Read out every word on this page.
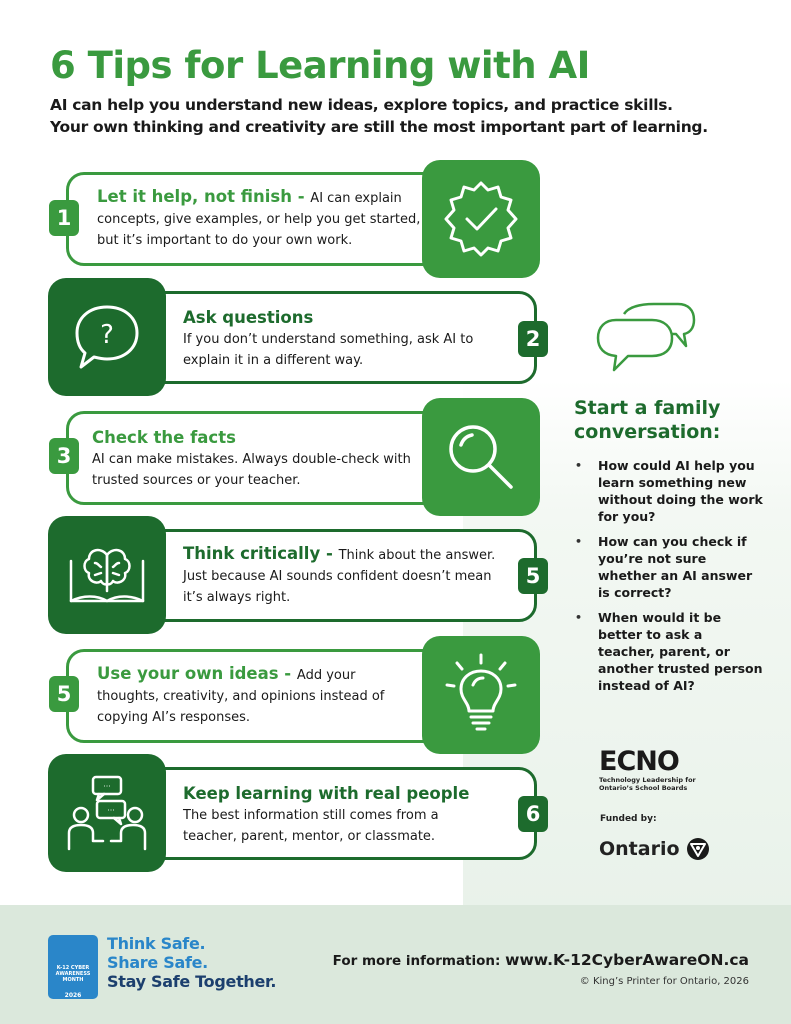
6 Tips for Learning with AI
AI can help you understand new ideas, explore topics, and practice skills.
Your own thinking and creativity are still the most important part of learning.
1
Let it help, not finish - AI can explain concepts, give examples, or help you get started, but it’s important to do your own work.
?	2
Ask questions
If you don’t understand something, ask AI to explain it in a different way.
3
Check the facts
AI can make mistakes. Always double-check with trusted sources or your teacher.
5
Think critically - Think about the answer. Just because AI sounds confident doesn’t mean it’s always right.
5
Use your own ideas - Add your thoughts, creativity, and opinions instead of copying AI’s responses.
···
···	6
Keep learning with real people
The best information still comes from a teacher, parent, mentor, or classmate.
Start a family
conversation:
• How could AI help you learn something new without doing the work for you?
• How can you check if you’re not sure whether an AI answer is correct?
• When would it be better to ask a teacher, parent, or another trusted person instead of AI?
ECNO
Technology Leadership for Ontario’s School Boards
Funded by:
Ontario
K-12 CYBER AWARENESS MONTH
2026
Think Safe.
Share Safe.
Stay Safe Together.
For more information: www.K-12CyberAwareON.ca
© King’s Printer for Ontario, 2026
